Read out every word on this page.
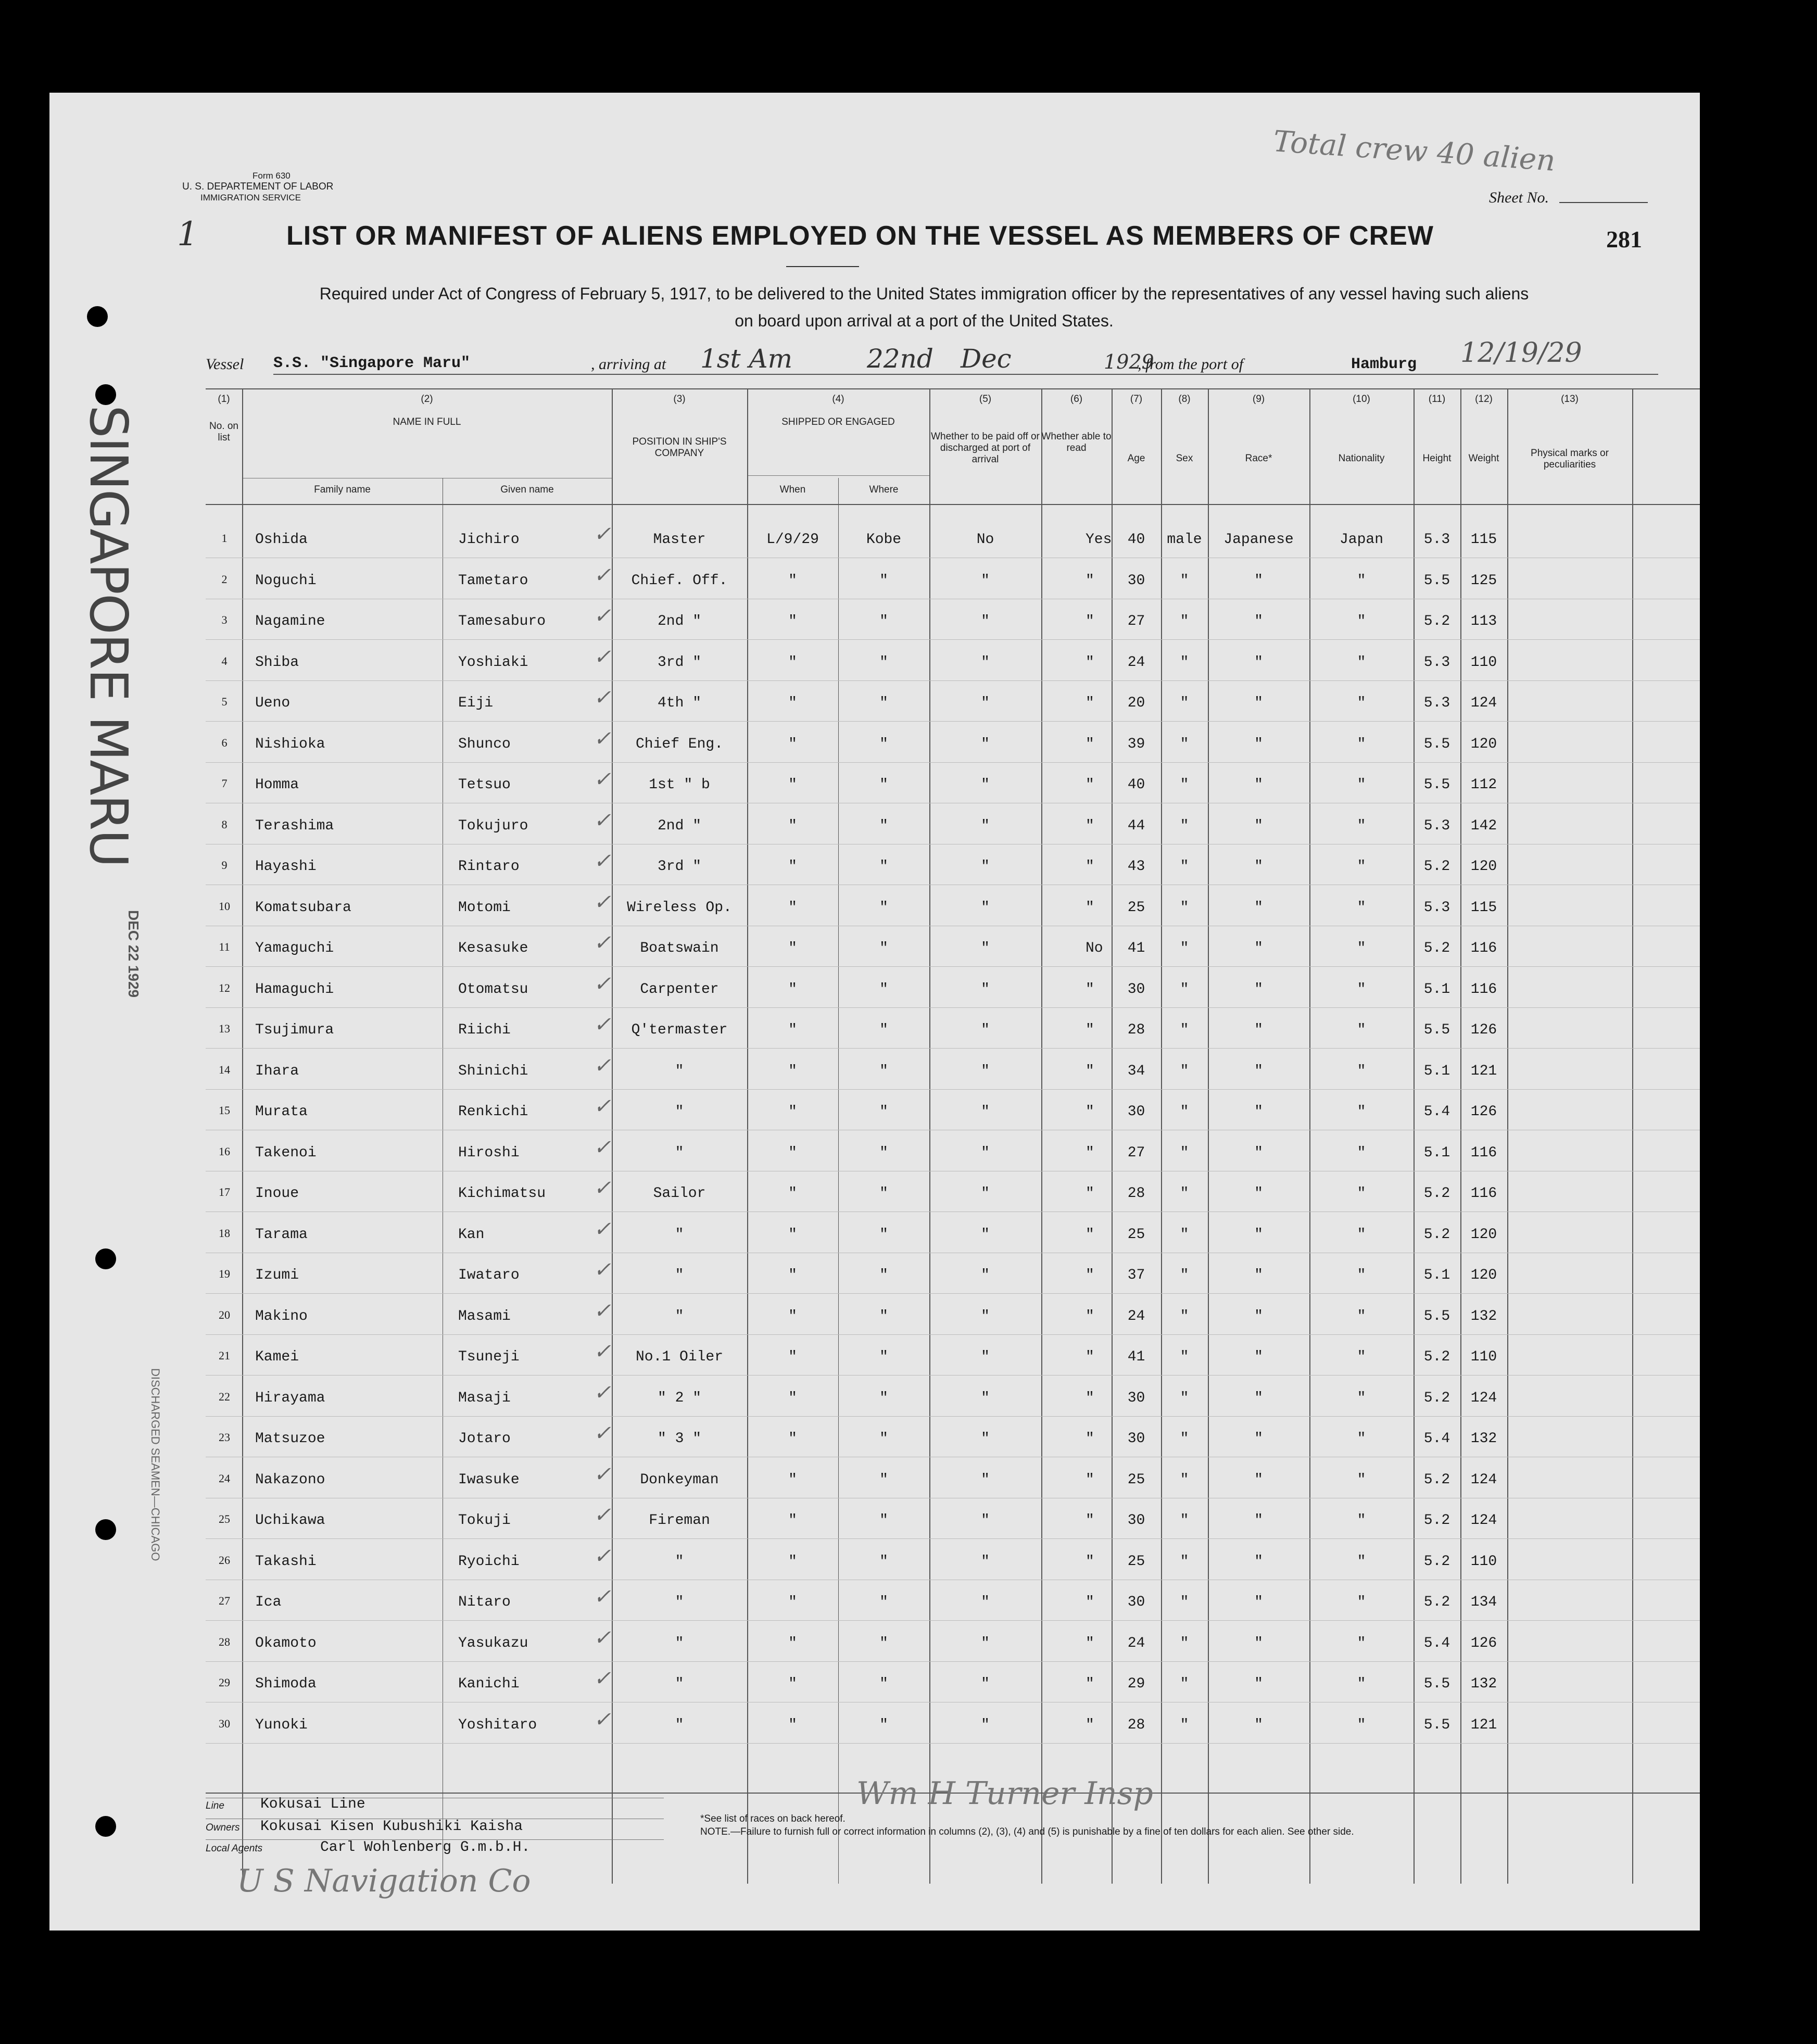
Form 630
U. S. DEPARTEMENT OF LABOR
IMMIGRATION SERVICE
Total crew 40 alien
Sheet No.
1	281
LIST OR MANIFEST OF ALIENS EMPLOYED ON THE VESSEL AS MEMBERS OF CREW
Required under Act of Congress of February 5, 1917, to be delivered to the United States immigration officer by the representatives of any vessel having such aliens
on board upon arrival at a port of the United States.
Vessel S.S. "Singapore Maru"	, arriving at 1st Am	22nd Dec	1929
, from the port of	Hamburg 12/19/29
SINGAPORE MARU
DEC 22 1929
DISCHARGED SEAMEN—CHICAGO
(1)
No. on list
(2)
NAME IN FULL
Family name	Given name
(3)
POSITION IN SHIP'S COMPANY
(4)
SHIPPED OR ENGAGED
When	Where
(5)
Whether to be paid off or discharged at port of arrival
(6)
Whether able to read
(7)
Age
(8)
Sex
(9)
Race*
(10)
Nationality
(11)
Height
(12)
Weight
(13)
Physical marks or peculiarities
1	Oshida	Jichiro	Master	L/9/29	Kobe	No	Yes	40	male	Japanese	Japan	5.3	115
✓
2	Noguchi	Tametaro	Chief. Off.	"	"	"	"	30	"	"	"	5.5	125
✓
3	Nagamine	Tamesaburo	2nd "	"	"	"	"	27	"	"	"	5.2	113
✓
4	Shiba	Yoshiaki	3rd "	"	"	"	"	24	"	"	"	5.3	110
✓
5	Ueno	Eiji	4th "	"	"	"	"	20	"	"	"	5.3	124
✓
6	Nishioka	Shunco	Chief Eng.	"	"	"	"	39	"	"	"	5.5	120
✓
7	Homma	Tetsuo	1st " b	"	"	"	"	40	"	"	"	5.5	112
✓
8	Terashima	Tokujuro	2nd "	"	"	"	"	44	"	"	"	5.3	142
✓
9	Hayashi	Rintaro	3rd "	"	"	"	"	43	"	"	"	5.2	120
✓
10	Komatsubara	Motomi	Wireless Op.	"	"	"	"	25	"	"	"	5.3	115
✓
11	Yamaguchi	Kesasuke	Boatswain	"	"	"	No	41	"	"	"	5.2	116
✓
12	Hamaguchi	Otomatsu	Carpenter	"	"	"	"	30	"	"	"	5.1	116
✓
13	Tsujimura	Riichi	Q'termaster	"	"	"	"	28	"	"	"	5.5	126
✓
14	Ihara	Shinichi	"	"	"	"	"	34	"	"	"	5.1	121
✓
15	Murata	Renkichi	"	"	"	"	"	30	"	"	"	5.4	126
✓
16	Takenoi	Hiroshi	"	"	"	"	"	27	"	"	"	5.1	116
✓
17	Inoue	Kichimatsu	Sailor	"	"	"	"	28	"	"	"	5.2	116
✓
18	Tarama	Kan	"	"	"	"	"	25	"	"	"	5.2	120
✓
19	Izumi	Iwataro	"	"	"	"	"	37	"	"	"	5.1	120
✓
20	Makino	Masami	"	"	"	"	"	24	"	"	"	5.5	132
✓
21	Kamei	Tsuneji	No.1 Oiler	"	"	"	"	41	"	"	"	5.2	110
✓
22	Hirayama	Masaji	" 2 "	"	"	"	"	30	"	"	"	5.2	124
✓
23	Matsuzoe	Jotaro	" 3 "	"	"	"	"	30	"	"	"	5.4	132
✓
24	Nakazono	Iwasuke	Donkeyman	"	"	"	"	25	"	"	"	5.2	124
✓
25	Uchikawa	Tokuji	Fireman	"	"	"	"	30	"	"	"	5.2	124
✓
26	Takashi	Ryoichi	"	"	"	"	"	25	"	"	"	5.2	110
✓
27	Ica	Nitaro	"	"	"	"	"	30	"	"	"	5.2	134
✓
28	Okamoto	Yasukazu	"	"	"	"	"	24	"	"	"	5.4	126
✓
29	Shimoda	Kanichi	"	"	"	"	"	29	"	"	"	5.5	132
✓
30	Yunoki	Yoshitaro	"	"	"	"	"	28	"	"	"	5.5	121
✓
Line Kokusai Line
Owners Kokusai Kisen Kubushiki Kaisha
Local Agents	Carl Wohlenberg G.m.b.H.
U S Navigation Co
Wm H Turner Insp
*See list of races on back hereof.
NOTE.—Failure to furnish full or correct information in columns (2), (3), (4) and (5) is punishable by a fine of ten dollars for each alien. See other side.
